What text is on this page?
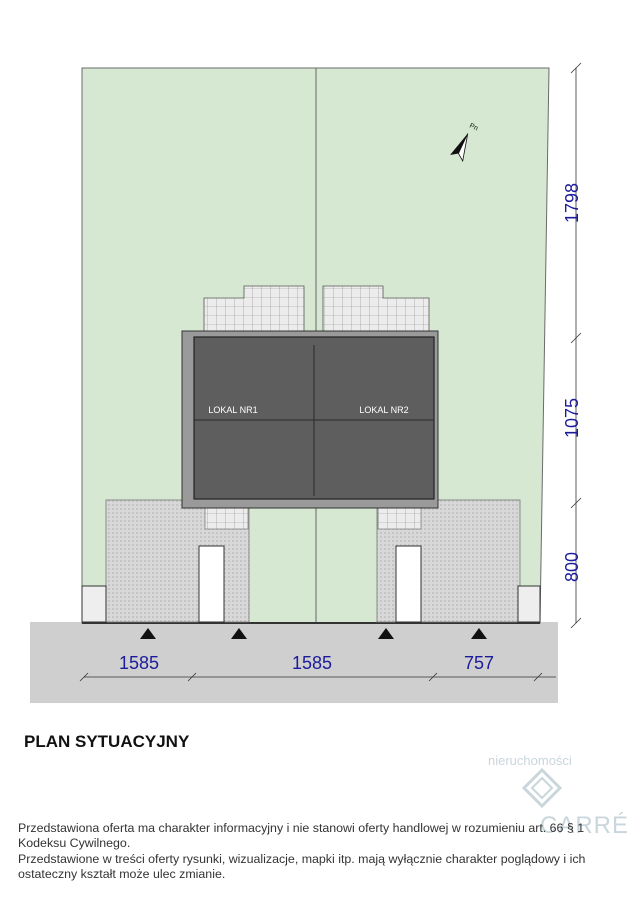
LOKAL NR1	LOKAL NR2
Pn
1798
1075
800
1585	1585	757
PLAN SYTUACYJNY
nieruchomości
CARRÉ

Przedstawiona oferta ma charakter informacyjny i nie stanowi oferty handlowej w rozumieniu art. 66 § 1 Kodeksu Cywilnego.

Przedstawione w treści oferty rysunki, wizualizacje, mapki itp. mają wyłącznie charakter poglądowy i ich ostateczny kształt może ulec zmianie.
